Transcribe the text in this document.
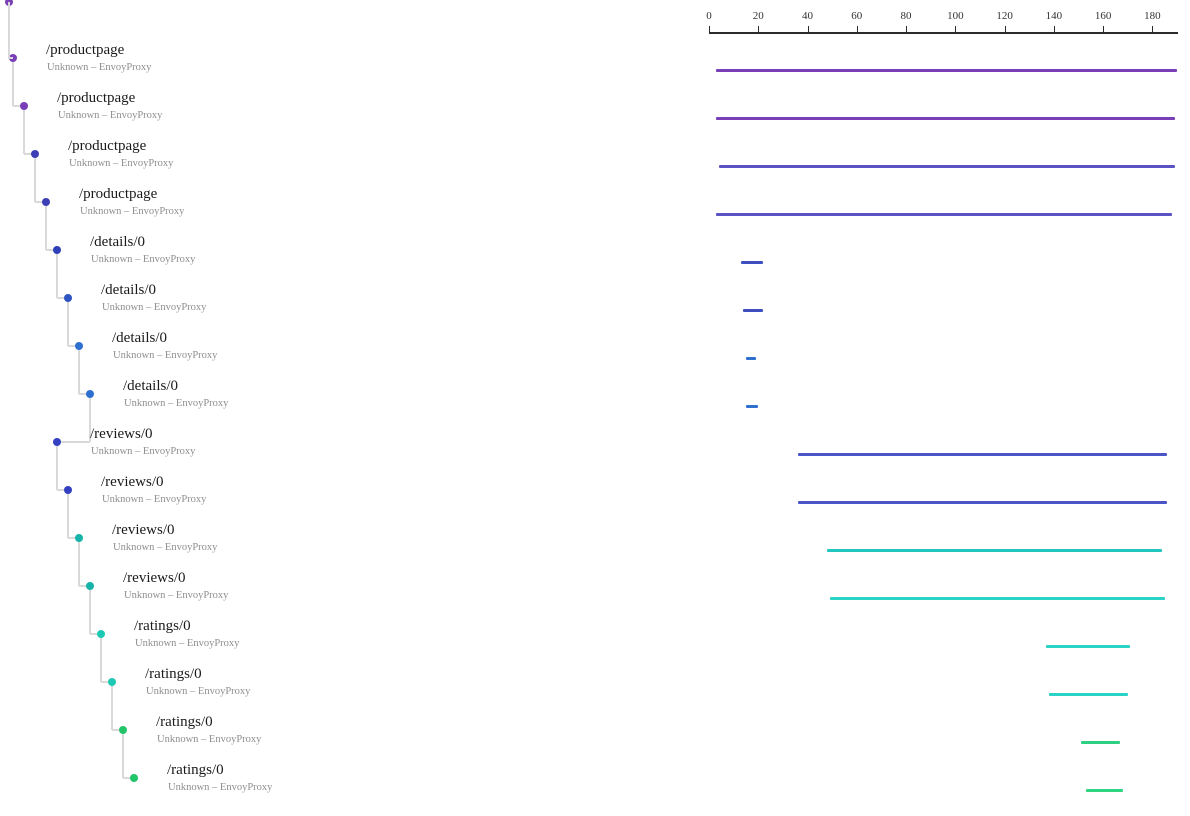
/productpage
Unknown – EnvoyProxy
/productpage
Unknown – EnvoyProxy
/productpage
Unknown – EnvoyProxy
/productpage
Unknown – EnvoyProxy
/details/0
Unknown – EnvoyProxy
/details/0
Unknown – EnvoyProxy
/details/0
Unknown – EnvoyProxy
/details/0
Unknown – EnvoyProxy
/reviews/0
Unknown – EnvoyProxy
/reviews/0
Unknown – EnvoyProxy
/reviews/0
Unknown – EnvoyProxy
/reviews/0
Unknown – EnvoyProxy
/ratings/0
Unknown – EnvoyProxy
/ratings/0
Unknown – EnvoyProxy
/ratings/0
Unknown – EnvoyProxy
/ratings/0
Unknown – EnvoyProxy
0	20	40	60	80	100	120	140	160	180
